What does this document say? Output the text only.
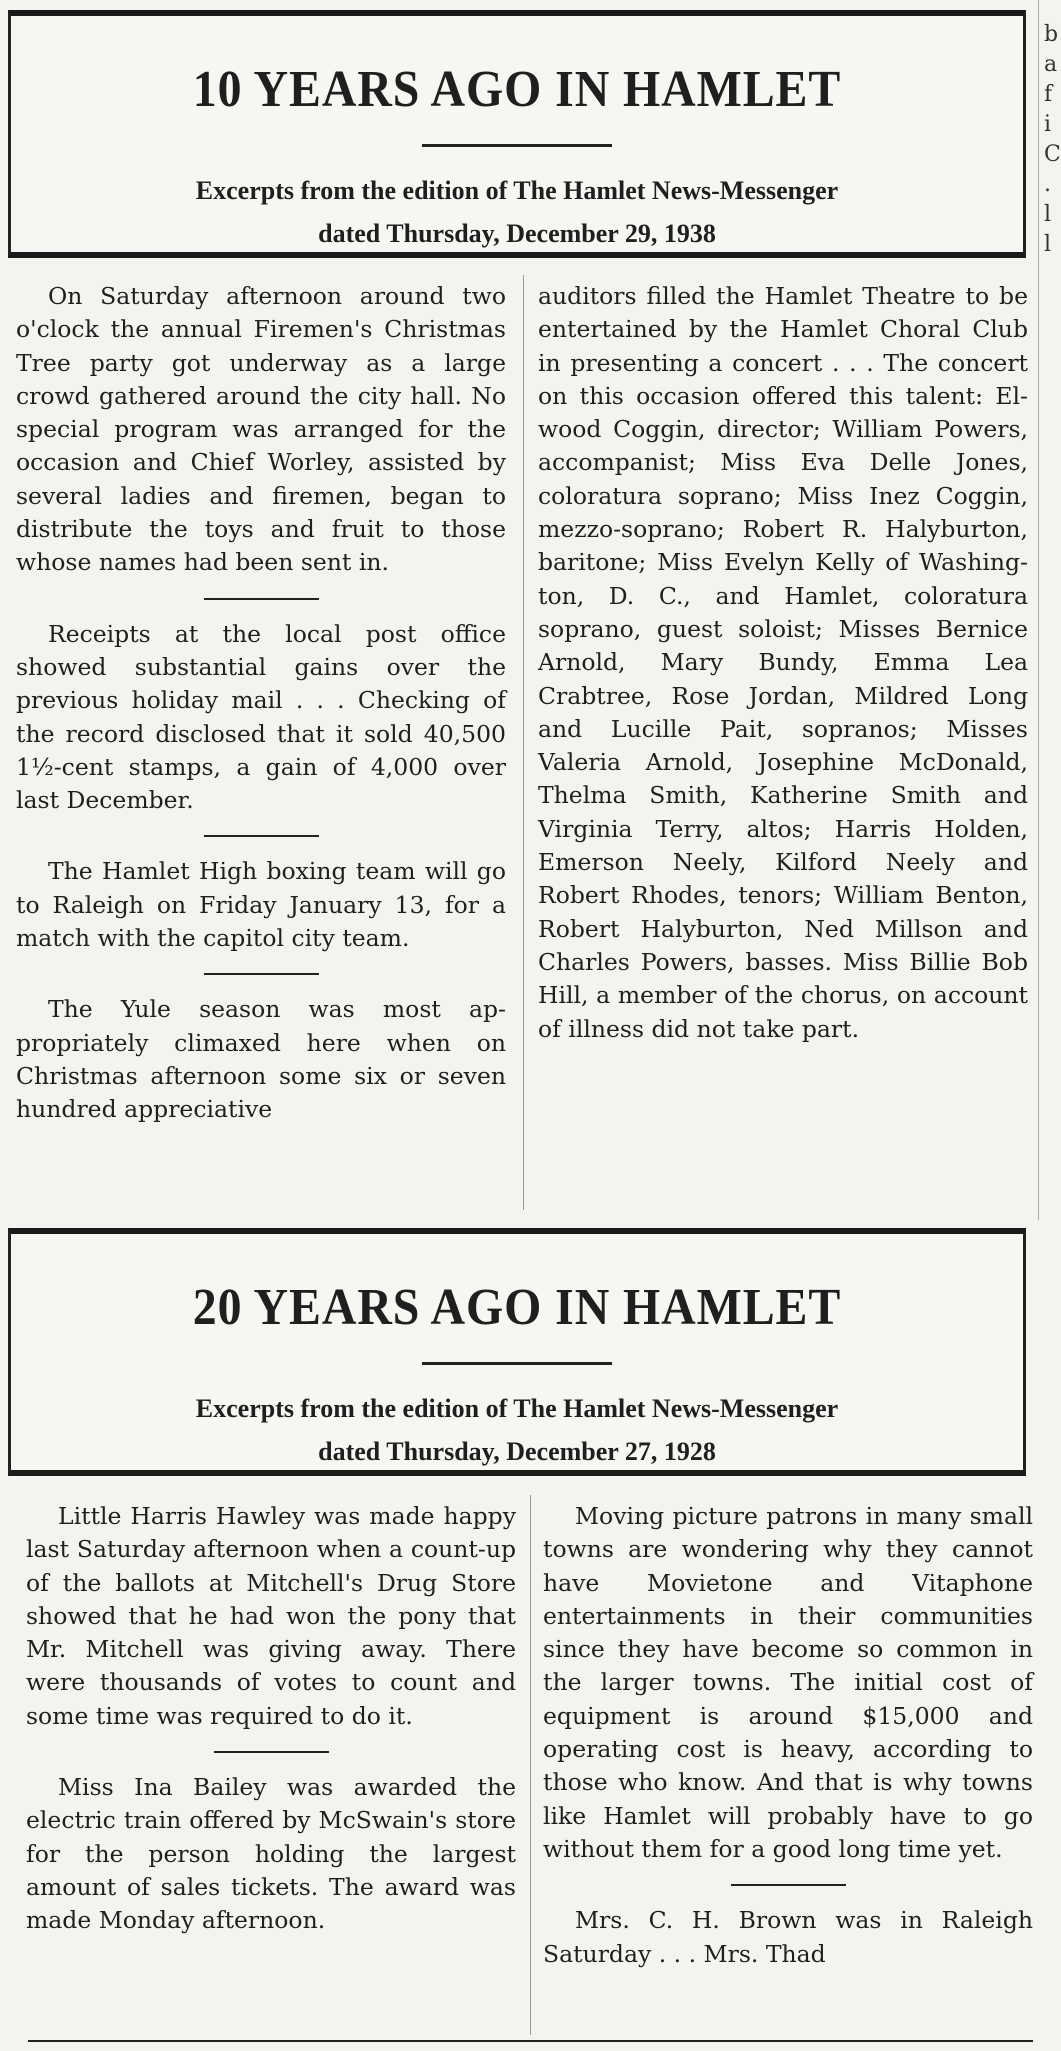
10 YEARS AGO IN HAMLET
Excerpts from the edition of The Hamlet News-Messenger
dated Thursday, December 29, 1938

On Saturday afternoon around two o'clock the annual Firemen's Christmas Tree party got underway as a large crowd gathered around the city hall. No special program was arranged for the occasion and Chief Worley, assisted by several ladies and firemen, began to distribute the toys and fruit to those whose names had been sent in.

Receipts at the local post office showed substantial gains over the previous holiday mail . . . Checking of the record disclosed that it sold 40,500 1½-cent stamps, a gain of 4,000 over last December.

The Hamlet High boxing team will go to Raleigh on Friday January 13, for a match with the capitol city team.

The Yule season was most appropriately climaxed here when on Christmas afternoon some six or seven hundred appreciative

auditors filled the Hamlet Theatre to be entertained by the Hamlet Choral Club in presenting a concert . . . The concert on this occasion offered this talent: Elwood Coggin, director; William Powers, accompanist; Miss Eva Delle Jones, coloratura soprano; Miss Inez Coggin, mezzo-soprano; Robert R. Halyburton, baritone; Miss Evelyn Kelly of Washington, D. C., and Hamlet, coloratura soprano, guest soloist; Misses Bernice Arnold, Mary Bundy, Emma Lea Crabtree, Rose Jordan, Mildred Long and Lucille Pait, sopranos; Misses Valeria Arnold, Josephine McDonald, Thelma Smith, Katherine Smith and Virginia Terry, altos; Harris Holden, Emerson Neely, Kilford Neely and Robert Rhodes, tenors; William Benton, Robert Halyburton, Ned Millson and Charles Powers, basses. Miss Billie Bob Hill, a member of the chorus, on account of illness did not take part.

20 YEARS AGO IN HAMLET
Excerpts from the edition of The Hamlet News-Messenger
dated Thursday, December 27, 1928

Little Harris Hawley was made happy last Saturday afternoon when a count-up of the ballots at Mitchell's Drug Store showed that he had won the pony that Mr. Mitchell was giving away. There were thousands of votes to count and some time was required to do it.

Miss Ina Bailey was awarded the electric train offered by McSwain's store for the person holding the largest amount of sales tickets. The award was made Monday afternoon.

Moving picture patrons in many small towns are wondering why they cannot have Movietone and Vitaphone entertainments in their communities since they have become so common in the larger towns. The initial cost of equipment is around $15,000 and operating cost is heavy, according to those who know. And that is why towns like Hamlet will probably have to go without them for a good long time yet.

Mrs. C. H. Brown was in Raleigh Saturday . . . Mrs. Thad

b a f i C . l l
